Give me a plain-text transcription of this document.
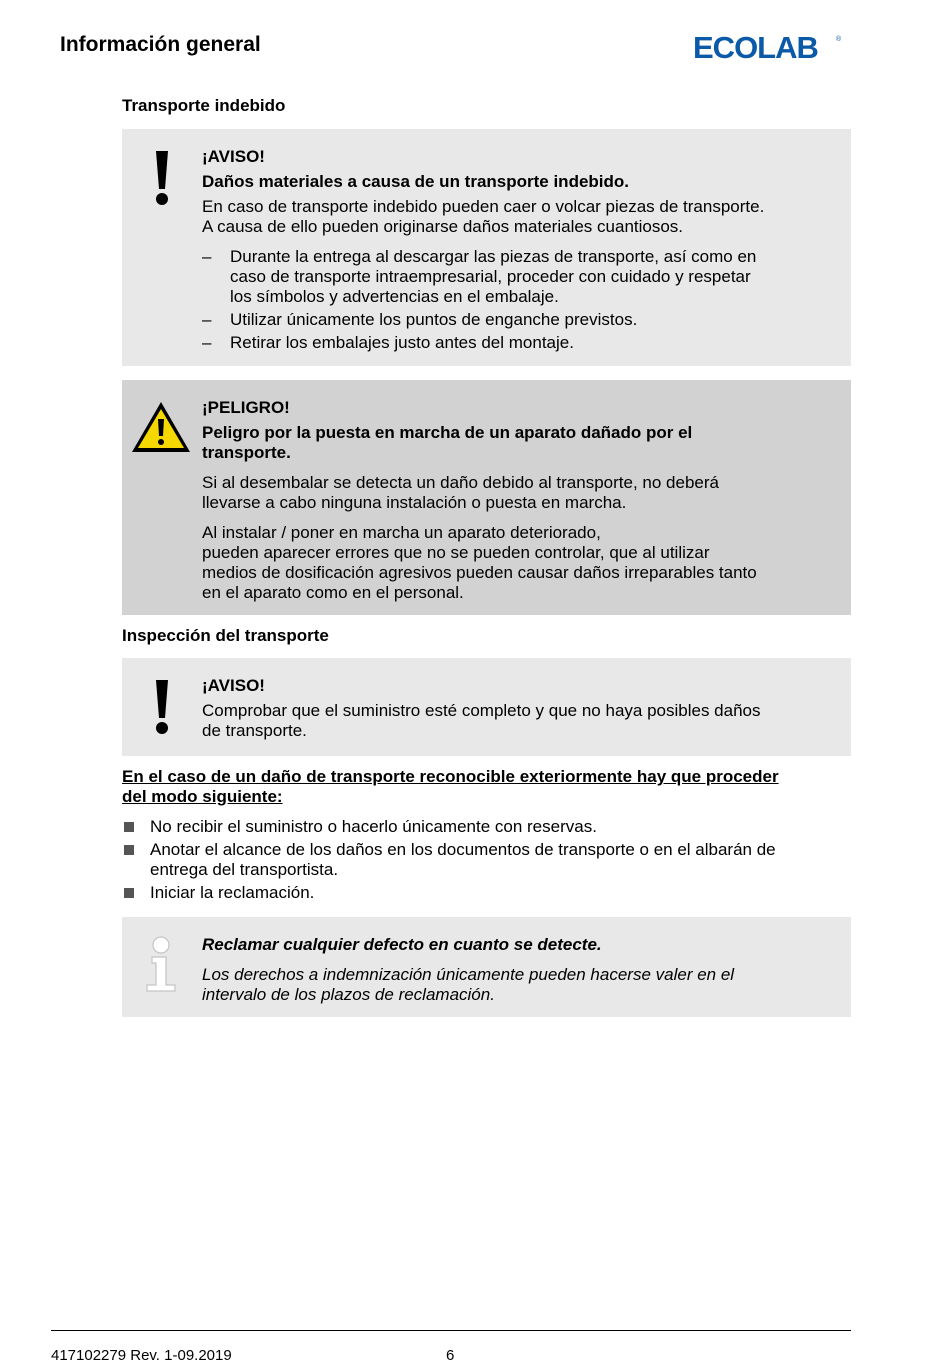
Información general	ECOLAB	®
Transporte indebido
¡AVISO!
Daños materiales a causa de un transporte indebido.
En caso de transporte indebido pueden caer o volcar piezas de transporte.
A causa de ello pueden originarse daños materiales cuantiosos.
– Durante la entrega al descargar las piezas de transporte, así como en
caso de transporte intraempresarial, proceder con cuidado y respetar
los símbolos y advertencias en el embalaje.
– Utilizar únicamente los puntos de enganche previstos.
– Retirar los embalajes justo antes del montaje.
¡PELIGRO!
Peligro por la puesta en marcha de un aparato dañado por el
transporte.
Si al desembalar se detecta un daño debido al transporte, no deberá
llevarse a cabo ninguna instalación o puesta en marcha.
Al instalar / poner en marcha un aparato deteriorado,
pueden aparecer errores que no se pueden controlar, que al utilizar
medios de dosificación agresivos pueden causar daños irreparables tanto
en el aparato como en el personal.
Inspección del transporte
¡AVISO!
Comprobar que el suministro esté completo y que no haya posibles daños
de transporte.
En el caso de un daño de transporte reconocible exteriormente hay que proceder
del modo siguiente:
No recibir el suministro o hacerlo únicamente con reservas.
Anotar el alcance de los daños en los documentos de transporte o en el albarán de
entrega del transportista.
Iniciar la reclamación.
Reclamar cualquier defecto en cuanto se detecte.
Los derechos a indemnización únicamente pueden hacerse valer en el
intervalo de los plazos de reclamación.
417102279 Rev. 1-09.2019	6
